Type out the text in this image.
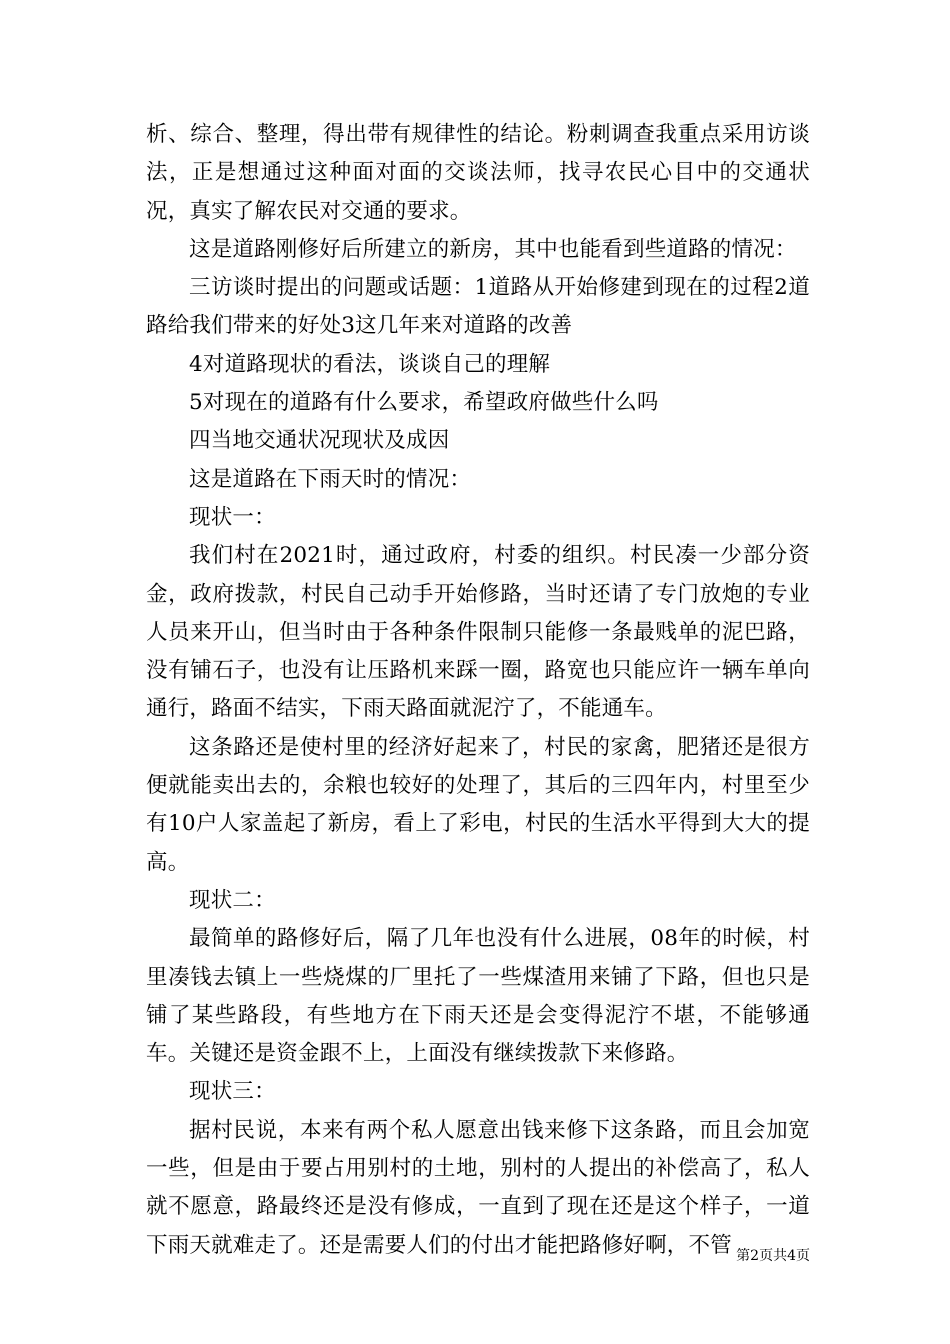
析、综合、整理，得出带有规律性的结论。粉刺调查我重点采用访谈法，正是想通过这种面对面的交谈法师，找寻农民心目中的交通状况，真实了解农民对交通的要求。

这是道路刚修好后所建立的新房，其中也能看到些道路的情况：

三访谈时提出的问题或话题：1道路从开始修建到现在的过程2道路给我们带来的好处3这几年来对道路的改善

4对道路现状的看法，谈谈自己的理解

5对现在的道路有什么要求，希望政府做些什么吗

四当地交通状况现状及成因

这是道路在下雨天时的情况：

现状一：

我们村在2021时，通过政府，村委的组织。村民凑一少部分资金，政府拨款，村民自己动手开始修路，当时还请了专门放炮的专业人员来开山，但当时由于各种条件限制只能修一条最贱单的泥巴路，没有铺石子，也没有让压路机来踩一圈，路宽也只能应许一辆车单向通行，路面不结实，下雨天路面就泥泞了，不能通车。

这条路还是使村里的经济好起来了，村民的家禽，肥猪还是很方便就能卖出去的，余粮也较好的处理了，其后的三四年内，村里至少有10户人家盖起了新房，看上了彩电，村民的生活水平得到大大的提高。

现状二：

最简单的路修好后，隔了几年也没有什么进展，08年的时候，村里凑钱去镇上一些烧煤的厂里托了一些煤渣用来铺了下路，但也只是铺了某些路段，有些地方在下雨天还是会变得泥泞不堪，不能够通车。关键还是资金跟不上，上面没有继续拨款下来修路。

现状三：

据村民说，本来有两个私人愿意出钱来修下这条路，而且会加宽一些，但是由于要占用别村的土地，别村的人提出的补偿高了，私人就不愿意，路最终还是没有修成，一直到了现在还是这个样子，一道下雨天就难走了。还是需要人们的付出才能把路修好啊，不管 第2页共4页
